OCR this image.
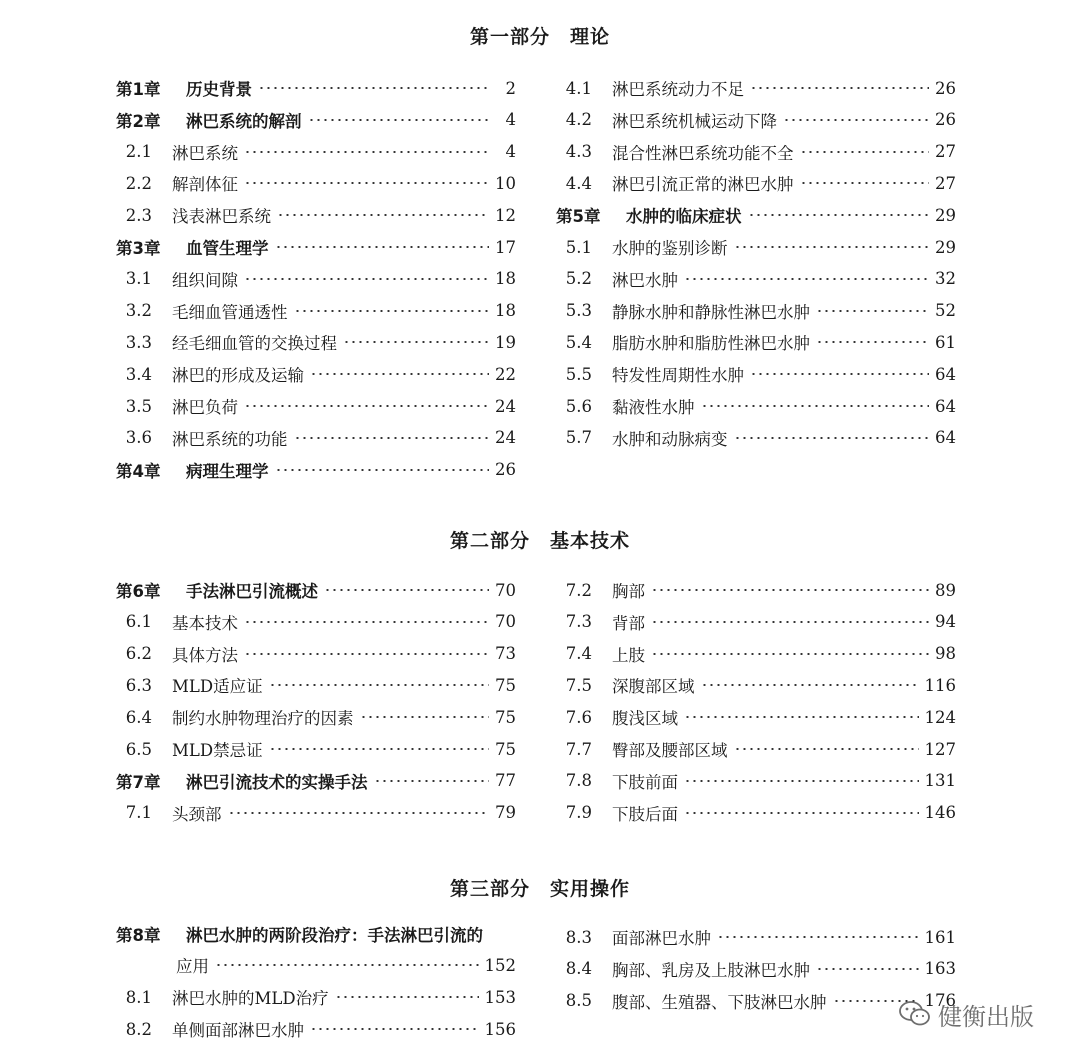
第一部分　理论
第二部分　基本技术
第三部分　实用操作
第1章	历史背景	2
第2章	淋巴系统的解剖	4
2.1 淋巴系统	4
2.2 解剖体征	10
2.3 浅表淋巴系统	12
第3章	血管生理学	17
3.1 组织间隙	18
3.2 毛细血管通透性	18
3.3 经毛细血管的交换过程	19
3.4 淋巴的形成及运输	22
3.5 淋巴负荷	24
3.6 淋巴系统的功能	24
第4章	病理生理学	26
4.1 淋巴系统动力不足	26
4.2 淋巴系统机械运动下降	26
4.3 混合性淋巴系统功能不全	27
4.4 淋巴引流正常的淋巴水肿	27
第5章	水肿的临床症状	29
5.1 水肿的鉴别诊断	29
5.2 淋巴水肿	32
5.3 静脉水肿和静脉性淋巴水肿	52
5.4 脂肪水肿和脂肪性淋巴水肿	61
5.5 特发性周期性水肿	64
5.6 黏液性水肿	64
5.7 水肿和动脉病变	64
第6章	手法淋巴引流概述	70
6.1 基本技术	70
6.2 具体方法	73
6.3 MLD适应证	75
6.4 制约水肿物理治疗的因素	75
6.5 MLD禁忌证	75
第7章	淋巴引流技术的实操手法	77
7.1 头颈部	79
7.2 胸部	89
7.3 背部	94
7.4 上肢	98
7.5 深腹部区域	116
7.6 腹浅区域	124
7.7 臀部及腰部区域	127
7.8 下肢前面	131
7.9 下肢后面	146
第8章	淋巴水肿的两阶段治疗：手法淋巴引流的
应用	152
8.1 淋巴水肿的MLD治疗	153
8.2 单侧面部淋巴水肿	156
8.3 面部淋巴水肿	161
8.4 胸部、乳房及上肢淋巴水肿	163
8.5 腹部、生殖器、下肢淋巴水肿	176
健衡出版
